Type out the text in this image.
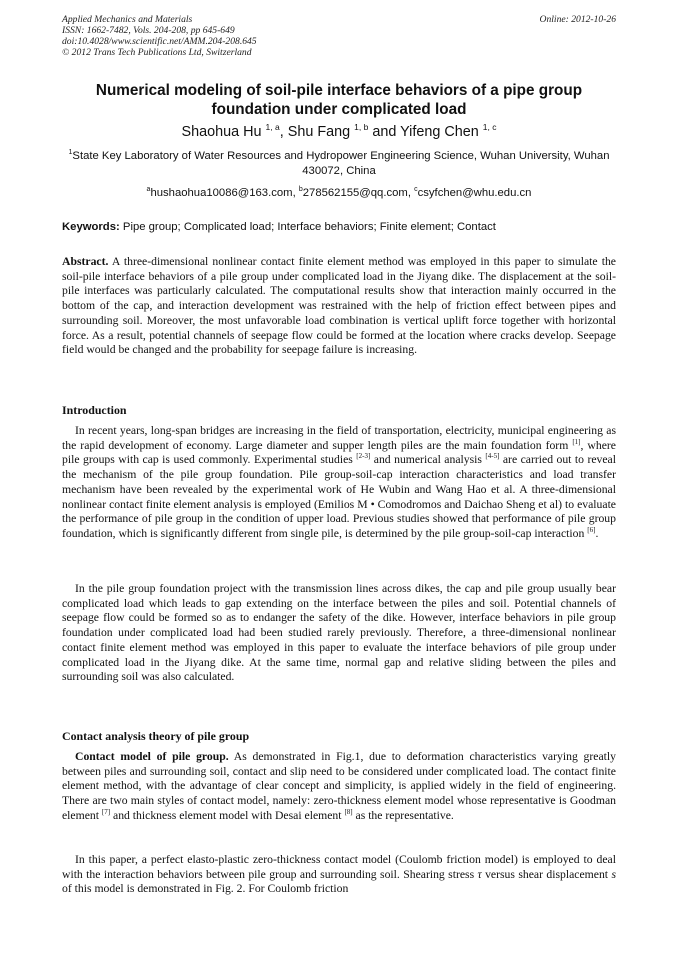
Applied Mechanics and Materials
ISSN: 1662-7482, Vols. 204-208, pp 645-649
doi:10.4028/www.scientific.net/AMM.204-208.645
© 2012 Trans Tech Publications Ltd, Switzerland
Online: 2012-10-26
Numerical modeling of soil-pile interface behaviors of a pipe group foundation under complicated load
Shaohua Hu $^{1, a}$, Shu Fang $^{1, b}$ and Yifeng Chen $^{1, c}$
$^1$State Key Laboratory of Water Resources and Hydropower Engineering Science, Wuhan University, Wuhan 430072, China
$^a$hushaohua10086@163.com, $^b$278562155@qq.com, $^c$csyfchen@whu.edu.cn
Keywords: Pipe group; Complicated load; Interface behaviors; Finite element; Contact

Abstract. A three-dimensional nonlinear contact finite element method was employed in this paper to simulate the soil-pile interface behaviors of a pile group under complicated load in the Jiyang dike. The displacement at the soil-pile interfaces was particularly calculated. The computational results show that interaction mainly occurred in the bottom of the cap, and interaction development was restrained with the help of friction effect between pipes and surrounding soil. Moreover, the most unfavorable load combination is vertical uplift force together with horizontal force. As a result, potential channels of seepage flow could be formed at the location where cracks develop. Seepage field would be changed and the probability for seepage failure is increasing.

Introduction

In recent years, long-span bridges are increasing in the field of transportation, electricity, municipal engineering as the rapid development of economy. Large diameter and supper length piles are the main foundation form [1], where pile groups with cap is used commonly. Experimental studies [2-3] and numerical analysis [4-5] are carried out to reveal the mechanism of the pile group foundation. Pile group-soil-cap interaction characteristics and load transfer mechanism have been revealed by the experimental work of He Wubin and Wang Hao et al. A three-dimensional nonlinear contact finite element analysis is employed (Emilios M • Comodromos and Daichao Sheng et al) to evaluate the performance of pile group in the condition of upper load. Previous studies showed that performance of pile group foundation, which is significantly different from single pile, is determined by the pile group-soil-cap interaction [6].

In the pile group foundation project with the transmission lines across dikes, the cap and pile group usually bear complicated load which leads to gap extending on the interface between the piles and soil. Potential channels of seepage flow could be formed so as to endanger the safety of the dike. However, interface behaviors in pile group foundation under complicated load had been studied rarely previously. Therefore, a three-dimensional nonlinear contact finite element method was employed in this paper to evaluate the interface behaviors of pile group under complicated load in the Jiyang dike. At the same time, normal gap and relative sliding between the piles and surrounding soil was also calculated.

Contact analysis theory of pile group

Contact model of pile group. As demonstrated in Fig.1, due to deformation characteristics varying greatly between piles and surrounding soil, contact and slip need to be considered under complicated load. The contact finite element method, with the advantage of clear concept and simplicity, is applied widely in the field of engineering. There are two main styles of contact model, namely: zero-thickness element model whose representative is Goodman element [7] and thickness element model with Desai element [8] as the representative.

In this paper, a perfect elasto-plastic zero-thickness contact model (Coulomb friction model) is employed to deal with the interaction behaviors between pile group and surrounding soil. Shearing stress τ versus shear displacement s of this model is demonstrated in Fig. 2. For Coulomb friction
